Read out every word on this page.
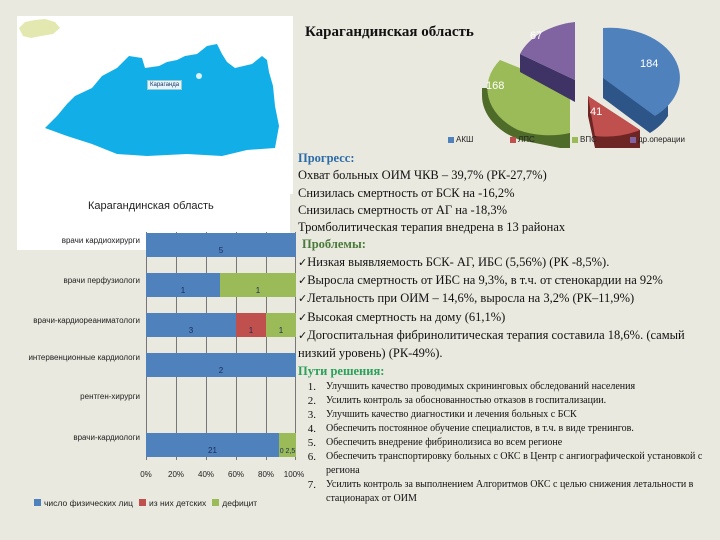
Караганда
Карагандинская область
184
41
168
67
АКШ	ЛПС	ВПС	др.операции
Карагандинская область
врачи кардиохирурги
врачи перфузиологи
врачи-кардиореаниматологи
интервенционные кардиологи
рентген-хирурги
врачи-кардиологи
5
1	1
3	1	1
2
21	0 2,5
0% 20% 40% 60% 80% 100%
число физических лиц	из них детских	дефицит
Прогресс:
Охват больных ОИМ ЧКВ – 39,7% (РК-27,7%)
Снизилась смертность от БСК на -16,2%
Снизилась смертность от АГ на -18,3%
Тромболитическая терапия внедрена в 13 районах
Проблемы:
✓ Низкая выявляемость БСК- АГ, ИБС (5,56%) (РК -8,5%).
✓ Выросла смертность от ИБС на 9,3%, в т.ч. от стенокардии на 92%
✓ Летальность при ОИМ – 14,6%, выросла на 3,2% (РК–11,9%)
✓ Высокая смертность на дому (61,1%)
✓ Догоспитальная фибринолитическая терапия составила 18,6%. (самый низкий уровень) (РК-49%).
Пути решения:
1. Улучшить качество проводимых скрининговых обследований населения
2. Усилить контроль за обоснованностью отказов в госпитализации.
3. Улучшить качество диагностики и лечения больных с БСК
4. Обеспечить постоянное обучение специалистов, в т.ч. в виде тренингов.
5. Обеспечить внедрение фибринолизиса во всем регионе
6. Обеспечить транспортировку больных с ОКС в Центр с ангиографической установкой с региона
7. Усилить контроль за выполнением Алгоритмов ОКС с целью снижения летальности в стационарах от ОИМ
